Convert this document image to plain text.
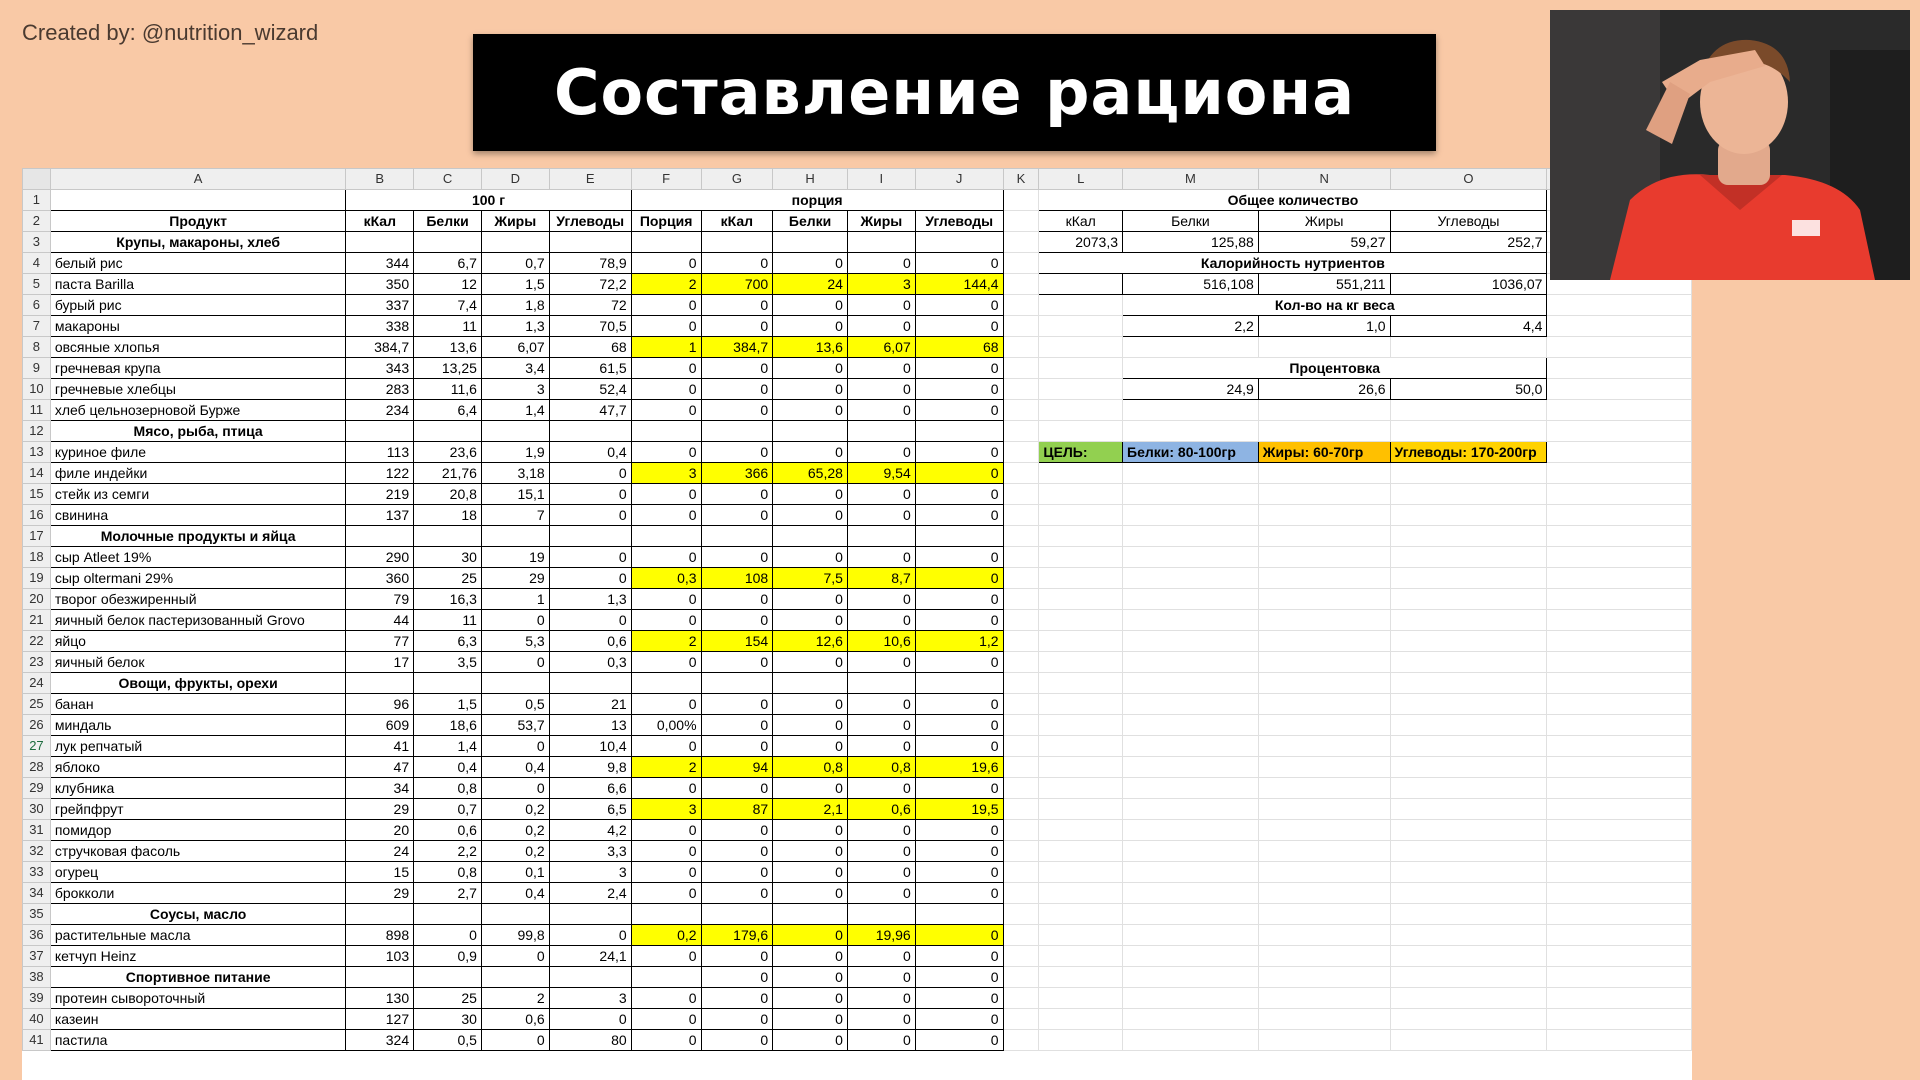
Created by: @nutrition_wizard
Составление рациона
	A	B	C	D	E	F	G	H	I	J	K	L	M	N	O	
1		100 г				порция						Общее количество				
2	Продукт	кКал	Белки	Жиры	Углеводы	Порция	кКал	Белки	Жиры	Углеводы		кКал	Белки	Жиры	Углеводы	
3	Крупы, макароны, хлеб											2073,3	125,88	59,27	252,7	
4	белый рис	344	6,7	0,7	78,9	0	0	0	0	0		Калорийность нутриентов				
5	паста Barilla	350	12	1,5	72,2	2	700	24	3	144,4			516,108	551,211	1036,07	
6	бурый рис	337	7,4	1,8	72	0	0	0	0	0			Кол-во на кг веса			
7	макароны	338	11	1,3	70,5	0	0	0	0	0			2,2	1,0	4,4	
8	овсяные хлопья	384,7	13,6	6,07	68	1	384,7	13,6	6,07	68						
9	гречневая крупа	343	13,25	3,4	61,5	0	0	0	0	0			Процентовка			
10	гречневые хлебцы	283	11,6	3	52,4	0	0	0	0	0			24,9	26,6	50,0	
11	хлеб цельнозерновой Бурже	234	6,4	1,4	47,7	0	0	0	0	0						
12	Мясо, рыба, птица															
13	куриное филе	113	23,6	1,9	0,4	0	0	0	0	0		ЦЕЛЬ:	Белки: 80-100гр	Жиры: 60-70гр	Углеводы: 170-200гр	
14	филе индейки	122	21,76	3,18	0	3	366	65,28	9,54	0						
15	стейк из семги	219	20,8	15,1	0	0	0	0	0	0						
16	свинина	137	18	7	0	0	0	0	0	0						
17	Молочные продукты и яйца															
18	сыр Atleet 19%	290	30	19	0	0	0	0	0	0						
19	сыр oltermani 29%	360	25	29	0	0,3	108	7,5	8,7	0						
20	творог обезжиренный	79	16,3	1	1,3	0	0	0	0	0						
21	яичный белок пастеризованный Grovo	44	11	0	0	0	0	0	0	0						
22	яйцо	77	6,3	5,3	0,6	2	154	12,6	10,6	1,2						
23	яичный белок	17	3,5	0	0,3	0	0	0	0	0						
24	Овощи, фрукты, орехи															
25	банан	96	1,5	0,5	21	0	0	0	0	0						
26	миндаль	609	18,6	53,7	13	0,00%	0	0	0	0						
27	лук репчатый	41	1,4	0	10,4	0	0	0	0	0						
28	яблоко	47	0,4	0,4	9,8	2	94	0,8	0,8	19,6						
29	клубника	34	0,8	0	6,6	0	0	0	0	0						
30	грейпфрут	29	0,7	0,2	6,5	3	87	2,1	0,6	19,5						
31	помидор	20	0,6	0,2	4,2	0	0	0	0	0						
32	стручковая фасоль	24	2,2	0,2	3,3	0	0	0	0	0						
33	огурец	15	0,8	0,1	3	0	0	0	0	0						
34	брокколи	29	2,7	0,4	2,4	0	0	0	0	0						
35	Соусы, масло															
36	растительные масла	898	0	99,8	0	0,2	179,6	0	19,96	0						
37	кетчуп Heinz	103	0,9	0	24,1	0	0	0	0	0						
38	Спортивное питание						0	0	0	0						
39	протеин сывороточный	130	25	2	3	0	0	0	0	0						
40	казеин	127	30	0,6	0	0	0	0	0	0						
41	пастила	324	0,5	0	80	0	0	0	0	0						
